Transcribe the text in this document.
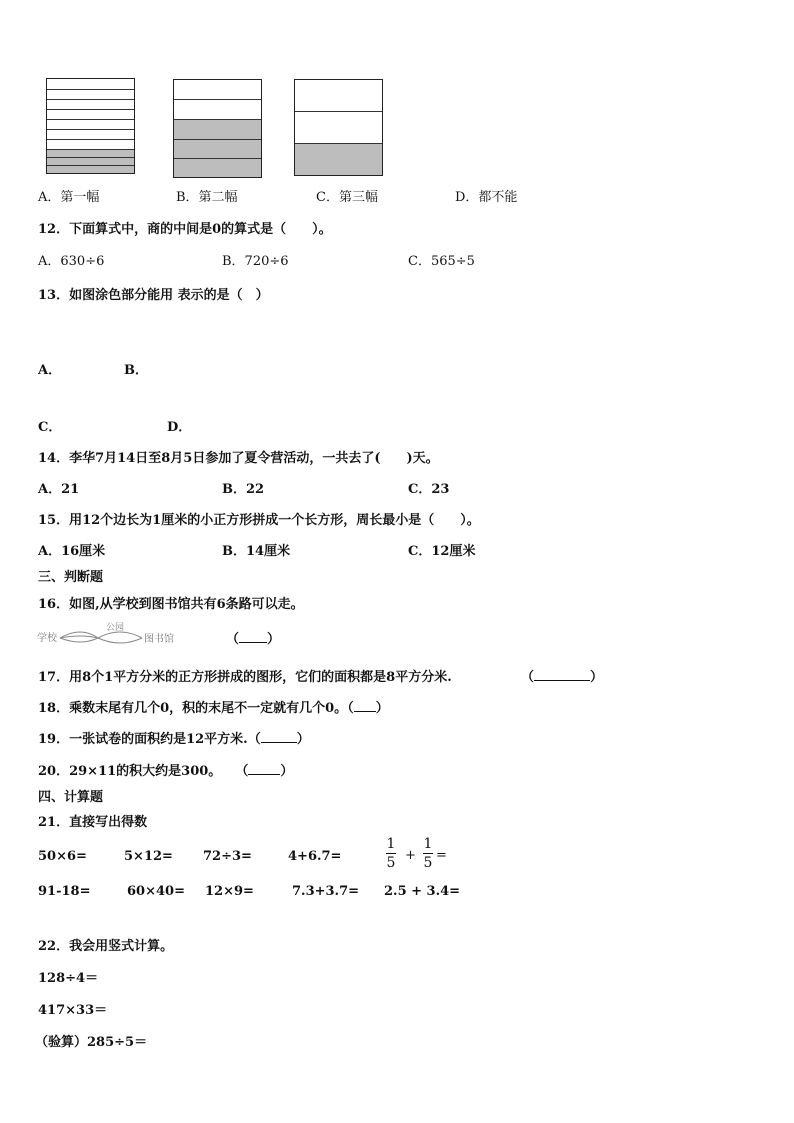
A．第一幅	B．第二幅	C．第三幅	D．都不能
12．下面算式中，商的中间是0的算式是（　　）。
A．630÷6	B．720÷6	C．565÷5
13．如图涂色部分能用 表示的是（　）
A．	B．
C．	D．
14．李华7月14日至8月5日参加了夏令营活动，一共去了(　　)天。
A．21	B．22	C．23
15．用12个边长为1厘米的小正方形拼成一个长方形，周长最小是（　　）。
A．16厘米	B．14厘米	C．12厘米
三、判断题
16．如图,从学校到图书馆共有6条路可以走。
学校
公园
图书馆	（ ）
17．用8个1平方分米的正方形拼成的图形，它们的面积都是8平方分米.	（	）
18．乘数末尾有几个0，积的末尾不一定就有几个0。（ ）
19．一张试卷的面积约是12平方米.（	）
20．29×11的积大约是300。 （ ）
四、计算题
21．直接写出得数
50×6=	5×12= 72÷3=	4+6.7=
1
5 +
1
5 =
91-18=	60×40= 12×9=	7.3+3.7= 2.5 + 3.4=
22．我会用竖式计算。
128÷4＝
417×33＝
（验算）285÷5＝
